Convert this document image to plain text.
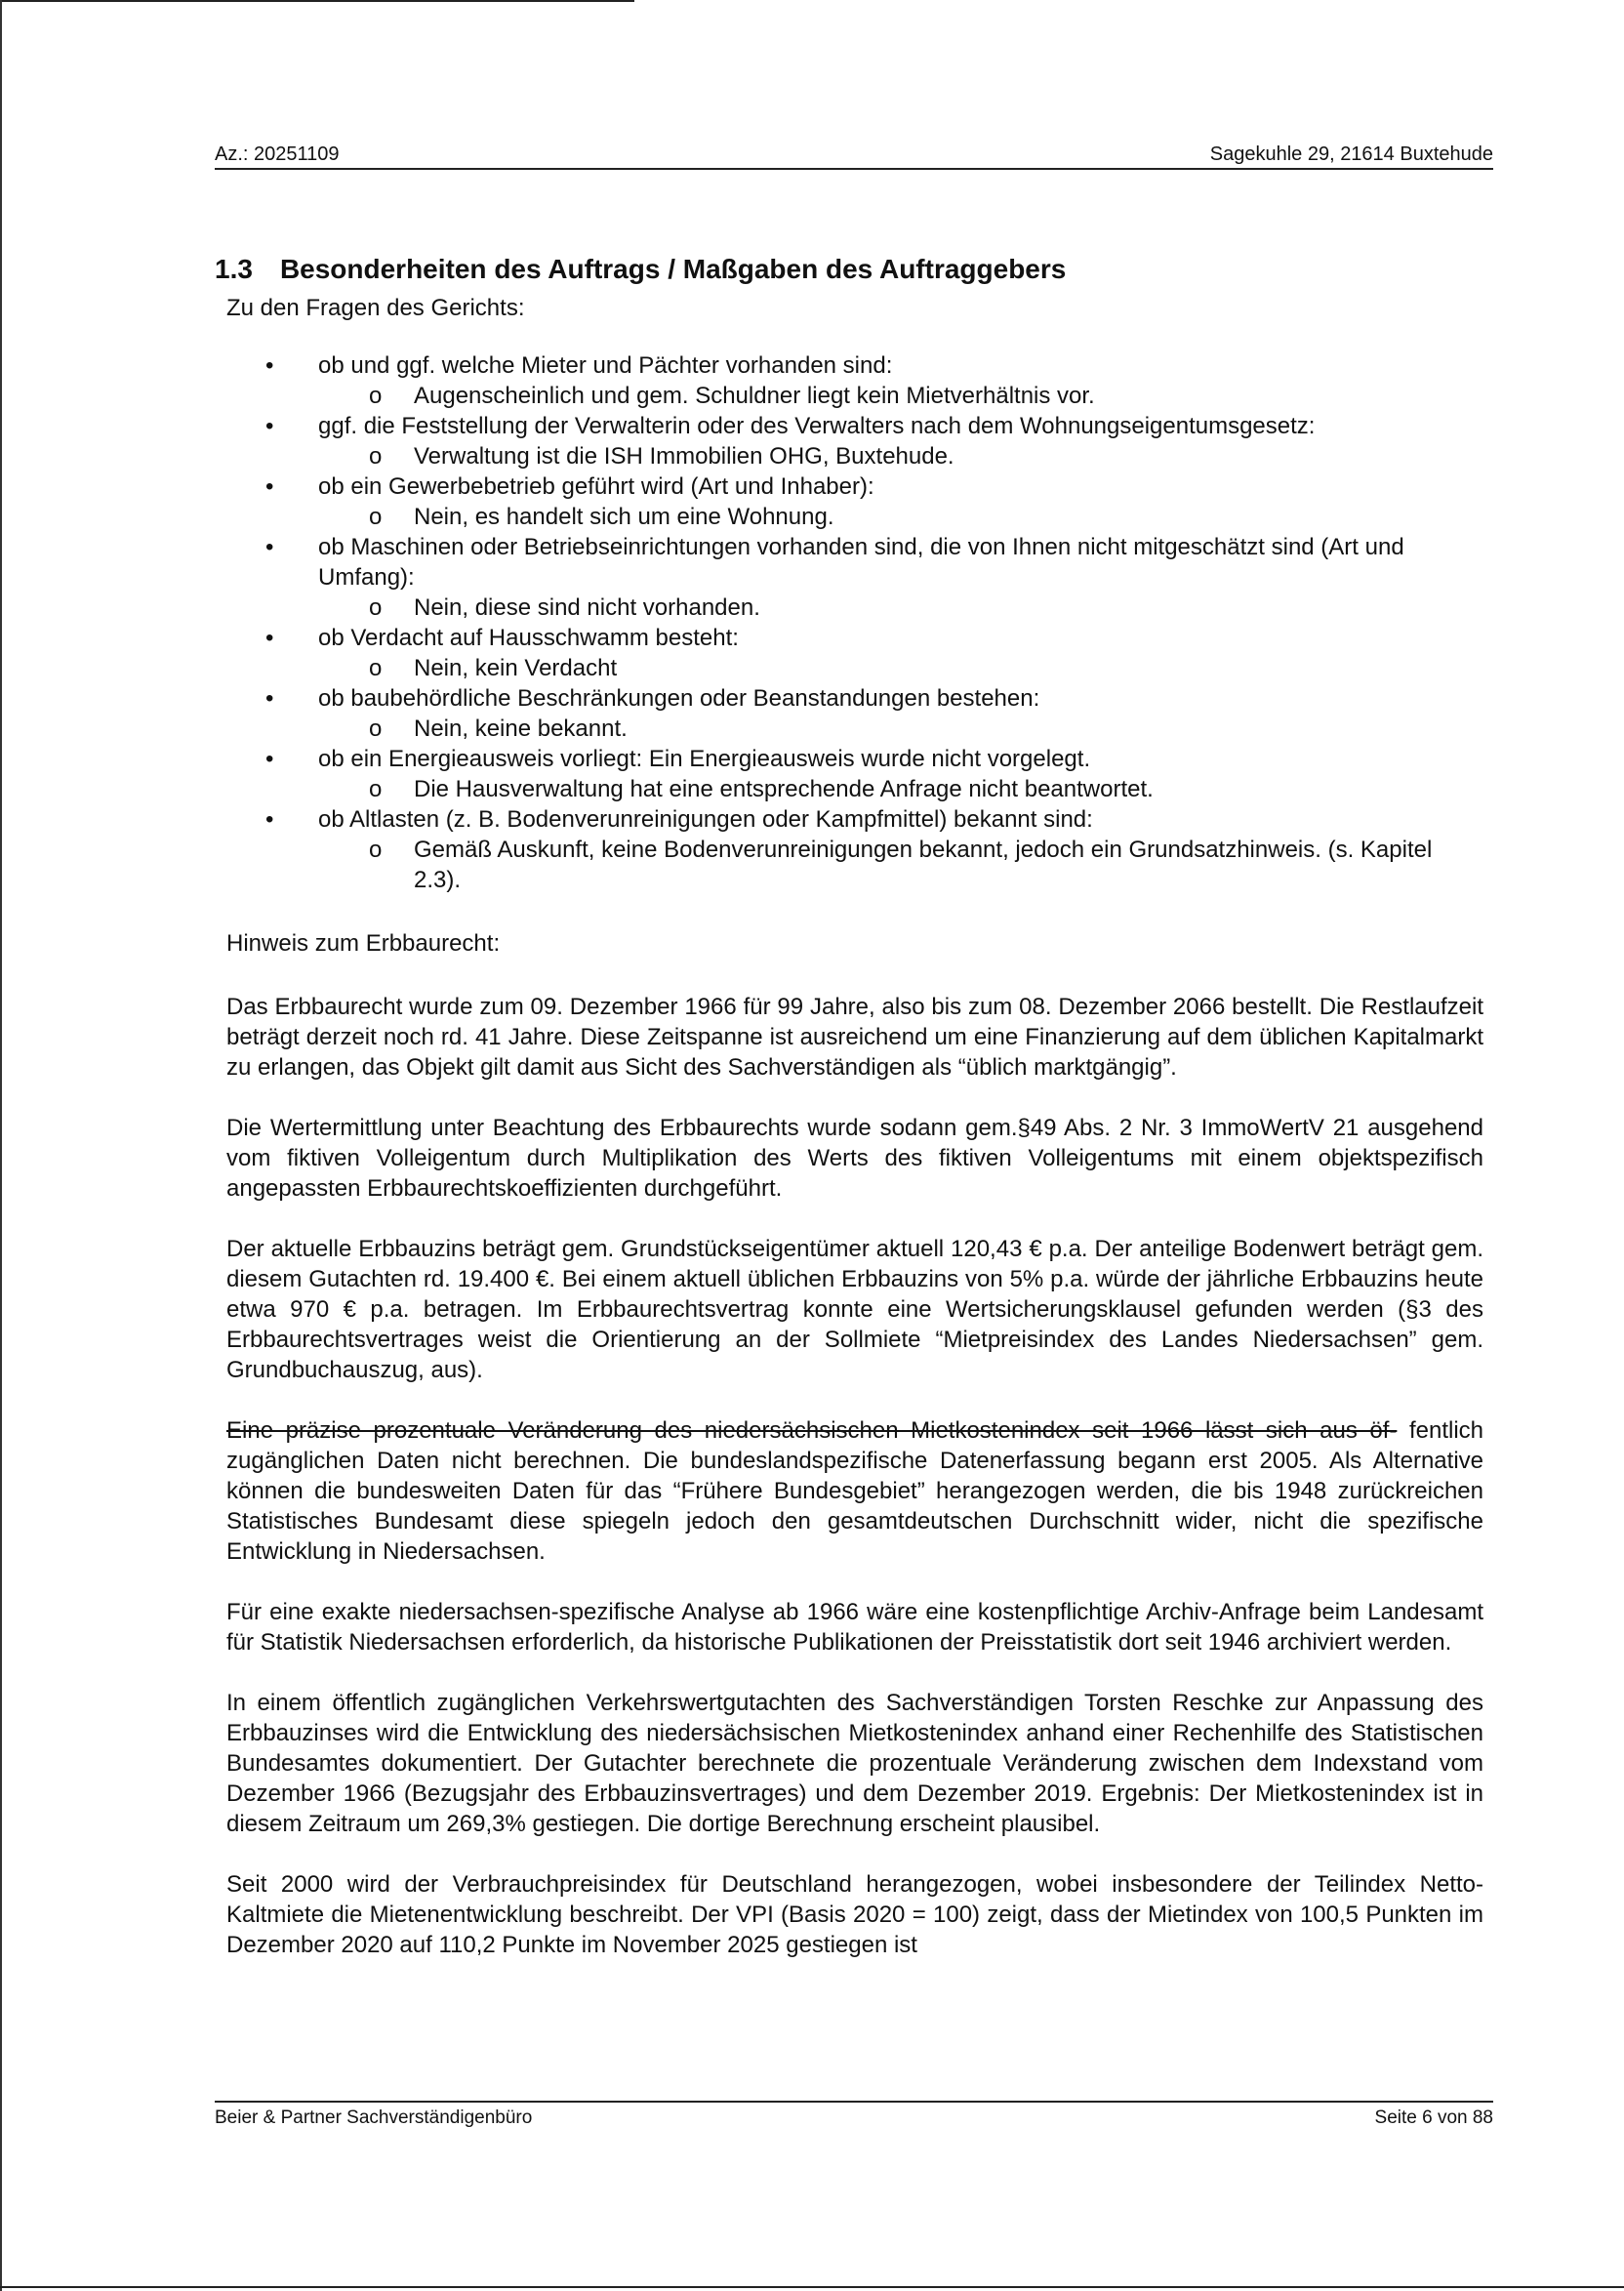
Az.: 20251109	Sagekuhle 29, 21614 Buxtehude
1.3 Besonderheiten des Auftrags / Maßgaben des Auftraggebers
Zu den Fragen des Gerichts:
• ob und ggf. welche Mieter und Pächter vorhanden sind:
o Augenscheinlich und gem. Schuldner liegt kein Mietverhältnis vor.
• ggf. die Feststellung der Verwalterin oder des Verwalters nach dem Wohnungseigentumsgesetz:
o Verwaltung ist die ISH Immobilien OHG, Buxtehude.
• ob ein Gewerbebetrieb geführt wird (Art und Inhaber):
o Nein, es handelt sich um eine Wohnung.
• ob Maschinen oder Betriebseinrichtungen vorhanden sind, die von Ihnen nicht mitgeschätzt sind (Art und Umfang):
o Nein, diese sind nicht vorhanden.
• ob Verdacht auf Hausschwamm besteht:
o Nein, kein Verdacht
• ob baubehördliche Beschränkungen oder Beanstandungen bestehen:
o Nein, keine bekannt.
• ob ein Energieausweis vorliegt: Ein Energieausweis wurde nicht vorgelegt.
o Die Hausverwaltung hat eine entsprechende Anfrage nicht beantwortet.
• ob Altlasten (z. B. Bodenverunreinigungen oder Kampfmittel) bekannt sind:
o Gemäß Auskunft, keine Bodenverunreinigungen bekannt, jedoch ein Grundsatzhinweis. (s. Kapitel 2.3).
Hinweis zum Erbbaurecht:

Das Erbbaurecht wurde zum 09. Dezember 1966 für 99 Jahre, also bis zum 08. Dezember 2066 bestellt. Die Restlaufzeit beträgt derzeit noch rd. 41 Jahre. Diese Zeitspanne ist ausreichend um eine Finanzierung auf dem üblichen Kapitalmarkt zu erlangen, das Objekt gilt damit aus Sicht des Sachverständigen als “üblich marktgängig”.

Die Wertermittlung unter Beachtung des Erbbaurechts wurde sodann gem.§49 Abs. 2 Nr. 3 ImmoWertV 21 ausgehend vom fiktiven Volleigentum durch Multiplikation des Werts des fiktiven Volleigentums mit einem objektspezifisch angepassten Erbbaurechtskoeffizienten durchgeführt.

Der aktuelle Erbbauzins beträgt gem. Grundstückseigentümer aktuell 120,43 € p.a. Der anteilige Bodenwert beträgt gem. diesem Gutachten rd. 19.400 €. Bei einem aktuell üblichen Erbbauzins von 5% p.a. würde der jährliche Erbbauzins heute etwa 970 € p.a. betragen. Im Erbbaurechtsvertrag konnte eine Wertsicherungsklausel gefunden werden (§3 des Erbbaurechtsvertrages weist die Orientierung an der Sollmiete “Mietpreisindex des Landes Niedersachsen” gem. Grundbuchauszug, aus).

Eine präzise prozentuale Veränderung des niedersächsischen Mietkostenindex seit 1966 lässt sich aus öf- fentlich zugänglichen Daten nicht berechnen. Die bundeslandspezifische Datenerfassung begann erst 2005. Als Alternative können die bundesweiten Daten für das “Frühere Bundesgebiet” herangezogen werden, die bis 1948 zurückreichen Statistisches Bundesamt diese spiegeln jedoch den gesamtdeutschen Durchschnitt wider, nicht die spezifische Entwicklung in Niedersachsen.

Für eine exakte niedersachsen-spezifische Analyse ab 1966 wäre eine kostenpflichtige Archiv-Anfrage beim Landesamt für Statistik Niedersachsen erforderlich, da historische Publikationen der Preisstatistik dort seit 1946 archiviert werden.

In einem öffentlich zugänglichen Verkehrswertgutachten des Sachverständigen Torsten Reschke zur Anpassung des Erbbauzinses wird die Entwicklung des niedersächsischen Mietkostenindex anhand einer Rechenhilfe des Statistischen Bundesamtes dokumentiert. Der Gutachter berechnete die prozentuale Veränderung zwischen dem Indexstand vom Dezember 1966 (Bezugsjahr des Erbbauzinsvertrages) und dem Dezember 2019. Ergebnis: Der Mietkostenindex ist in diesem Zeitraum um 269,3% gestiegen. Die dortige Berechnung erscheint plausibel.

Seit 2000 wird der Verbrauchpreisindex für Deutschland herangezogen, wobei insbesondere der Teilindex Netto-Kaltmiete die Mietenentwicklung beschreibt. Der VPI (Basis 2020 = 100) zeigt, dass der Mietindex von 100,5 Punkten im Dezember 2020 auf 110,2 Punkte im November 2025 gestiegen ist

Beier & Partner Sachverständigenbüro	Seite 6 von 88
